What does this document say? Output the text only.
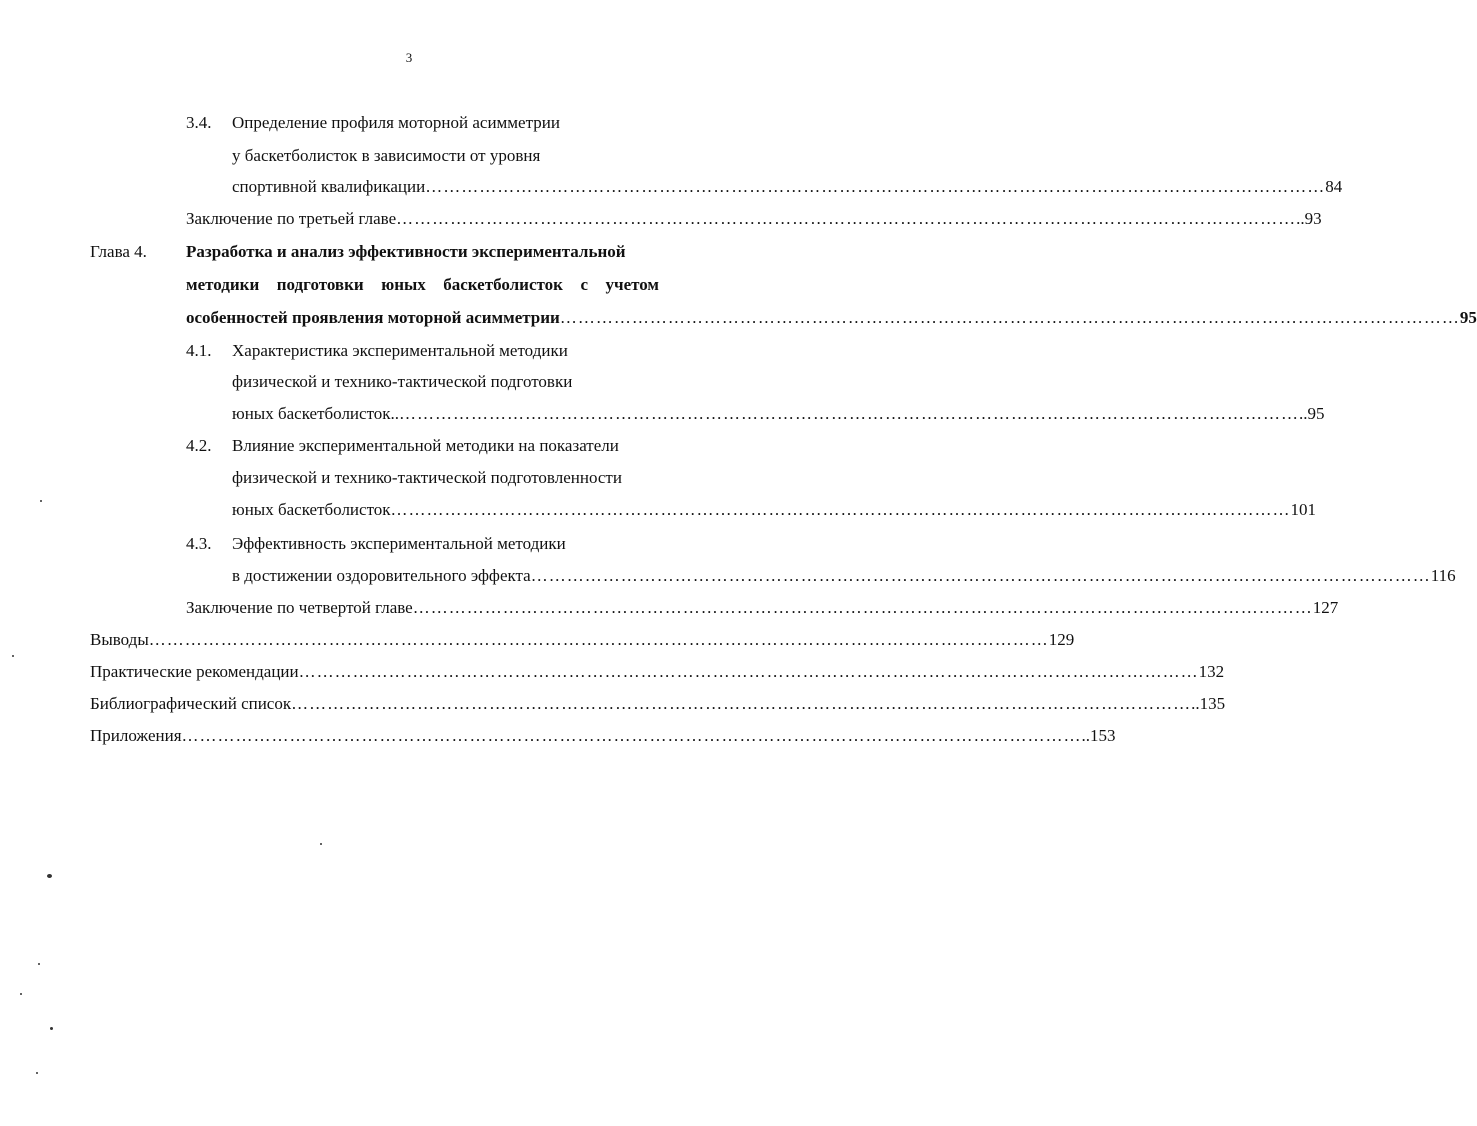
3
3.4. Определение профиля моторной асимметрии
у баскетболисток в зависимости от уровня
спортивной квалификации …………………………………………………………………………………………………………………………………… 84
Заключение по третьей главе …………………………………………………………………………………………………………………………………… ..93
Глава 4. Разработка и анализ эффективности экспериментальной
методики подготовки юных баскетболисток с учетом
особенностей проявления моторной асимметрии …………………………………………………………………………………………………………………………………… 95
4.1. Характеристика экспериментальной методики
физической и технико-тактической подготовки
юных баскетболисток.. …………………………………………………………………………………………………………………………………… ..95
4.2. Влияние экспериментальной методики на показатели
физической и технико-тактической подготовленности
юных баскетболисток …………………………………………………………………………………………………………………………………… 101
4.3. Эффективность экспериментальной методики
в достижении оздоровительного эффекта …………………………………………………………………………………………………………………………………… 116
Заключение по четвертой главе …………………………………………………………………………………………………………………………………… 127
Выводы …………………………………………………………………………………………………………………………………… 129
Практические рекомендации …………………………………………………………………………………………………………………………………… 132
Библиографический список …………………………………………………………………………………………………………………………………… ..135
Приложения …………………………………………………………………………………………………………………………………… ..153
